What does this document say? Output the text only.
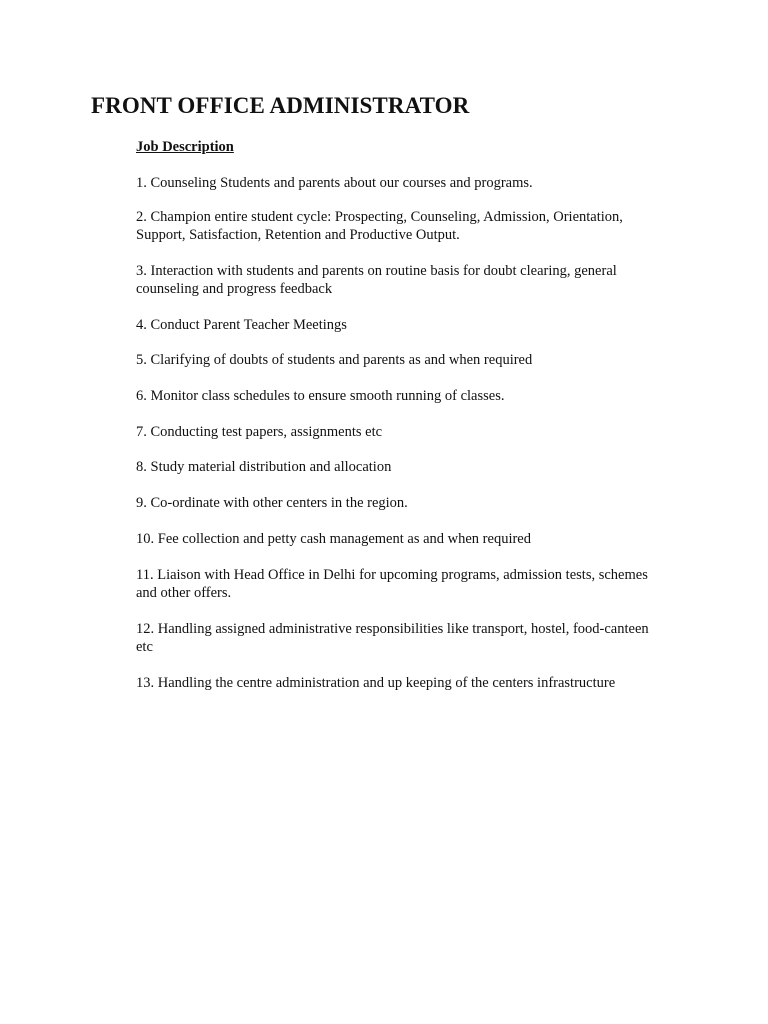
FRONT OFFICE ADMINISTRATOR
Job Description

1. Counseling Students and parents about our courses and programs.

2. Champion entire student cycle: Prospecting, Counseling, Admission, Orientation,
Support, Satisfaction, Retention and Productive Output.

3. Interaction with students and parents on routine basis for doubt clearing, general
counseling and progress feedback

4. Conduct Parent Teacher Meetings

5. Clarifying of doubts of students and parents as and when required

6. Monitor class schedules to ensure smooth running of classes.

7. Conducting test papers, assignments etc

8. Study material distribution and allocation

9. Co-ordinate with other centers in the region.

10. Fee collection and petty cash management as and when required

11. Liaison with Head Office in Delhi for upcoming programs, admission tests, schemes
and other offers.

12. Handling assigned administrative responsibilities like transport, hostel, food-canteen
etc

13. Handling the centre administration and up keeping of the centers infrastructure
